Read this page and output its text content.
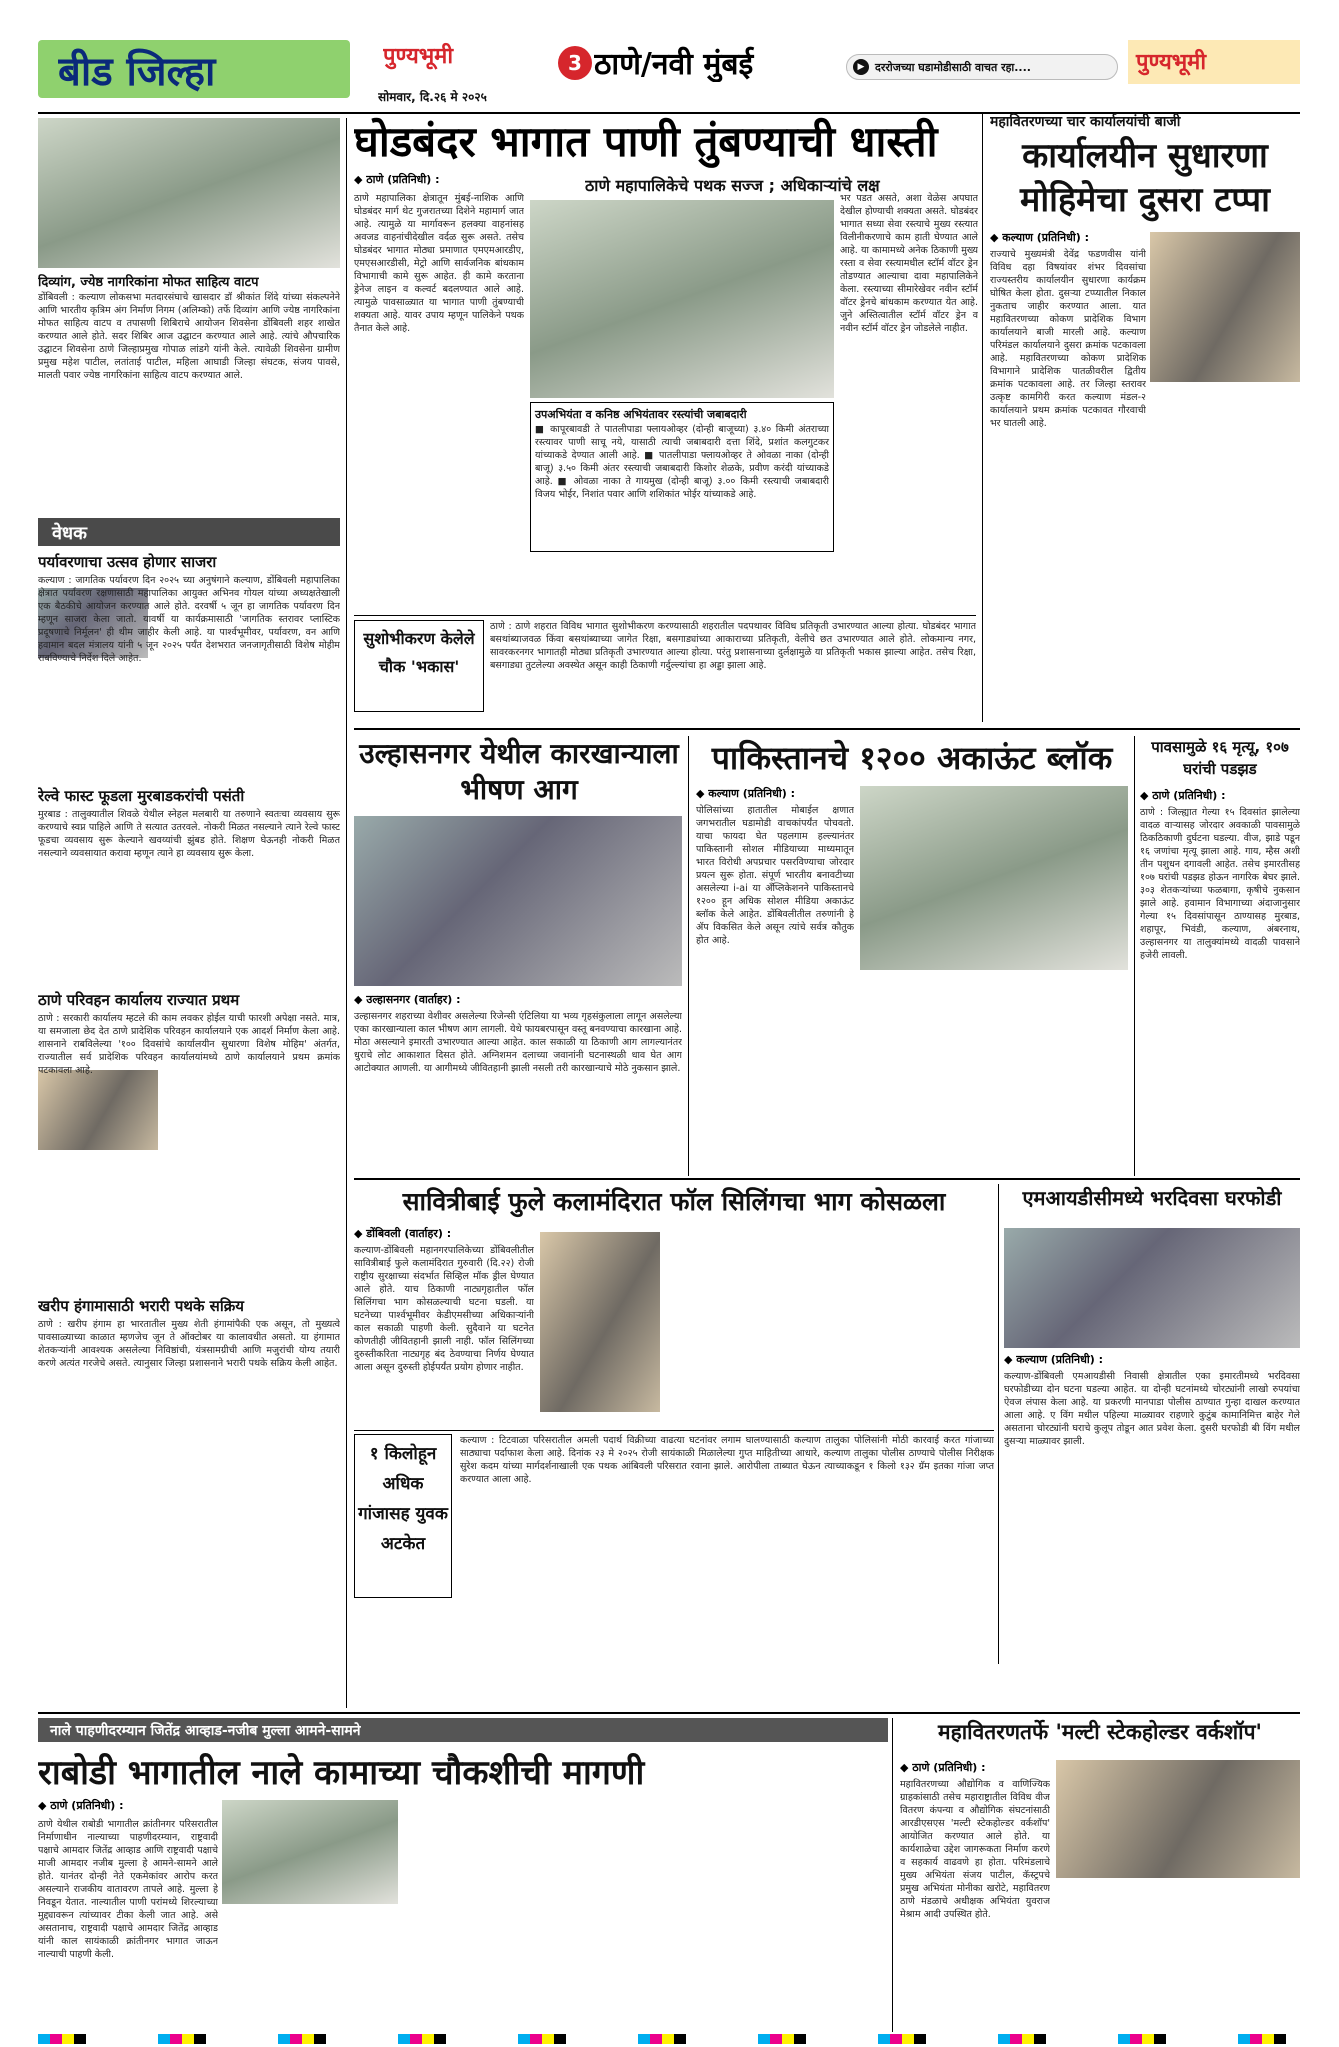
बीड जिल्हा	पुण्यभूमी
सोमवार, दि.२६ मे २०२५
3 ठाणे/नवी मुंबई	▶ दररोजच्या घडामोडीसाठी वाचत रहा....	पुण्यभूमी
दिव्यांग, ज्येष्ठ नागरिकांना मोफत साहित्य वाटप
डोंबिवली : कल्याण लोकसभा मतदारसंघाचे खासदार डॉ श्रीकांत शिंदे यांच्या संकल्पनेने आणि भारतीय कृत्रिम अंग निर्माण निगम (अलिम्को) तर्फे दिव्यांग आणि ज्येष्ठ नागरिकांना मोफत साहित्य वाटप व तपासणी शिबिराचे आयोजन शिवसेना डोंबिवली शहर शाखेत करण्यात आले होते. सदर शिबिर आज उद्घाटन करण्यात आले आहे. त्यांचे औपचारिक उद्घाटन शिवसेना ठाणे जिल्हाप्रमुख गोपाळ लांडगे यांनी केले. त्यावेळी शिवसेना ग्रामीण प्रमुख महेश पाटील, लतांताई पाटील, महिला आघाडी जिल्हा संघटक, संजय पावसे, मालती पवार ज्येष्ठ नागरिकांना साहित्य वाटप करण्यात आले.
वेधक
पर्यावरणाचा उत्सव होणार साजरा
कल्याण : जागतिक पर्यावरण दिन २०२५ च्या अनुषंगाने कल्याण, डोंबिवली महापालिका क्षेत्रात पर्यावरण रक्षणासाठी महापालिका आयुक्त अभिनव गोयल यांच्या अध्यक्षतेखाली एक बैठकीचे आयोजन करण्यात आले होते. दरवर्षी ५ जून हा जागतिक पर्यावरण दिन म्हणून साजरा केला जातो. यावर्षी या कार्यक्रमासाठी 'जागतिक स्तरावर प्लास्टिक प्रदूषणाचे निर्मूलन' ही थीम जाहीर केली आहे. या पार्श्वभूमीवर, पर्यावरण, वन आणि हवामान बदल मंत्रालय यांनी ५ जून २०२५ पर्यंत देशभरात जनजागृतीसाठी विशेष मोहीम राबविण्याचे निर्देश दिले आहेत.
रेल्वे फास्ट फूडला मुरबाडकरांची पसंती
मुरबाड : तालुक्यातील शिवळे येथील स्नेहल मलबारी या तरुणाने स्वतःचा व्यवसाय सुरू करण्याचे स्वप्न पाहिले आणि ते सत्यात उतरवले. नोकरी मिळत नसल्याने त्याने रेल्वे फास्ट फूडचा व्यवसाय सुरू केल्याने खवय्यांची झुंबड होते. शिक्षण घेऊनही नोकरी मिळत नसल्याने व्यवसायात करावा म्हणून त्याने हा व्यवसाय सुरू केला.
ठाणे परिवहन कार्यालय राज्यात प्रथम
ठाणे : सरकारी कार्यालय म्हटले की काम लवकर होईल याची फारशी अपेक्षा नसते. मात्र, या समजाला छेद देत ठाणे प्रादेशिक परिवहन कार्यालयाने एक आदर्श निर्माण केला आहे. शासनाने राबविलेल्या '१०० दिवसांचे कार्यालयीन सुधारणा विशेष मोहिम' अंतर्गत, राज्यातील सर्व प्रादेशिक परिवहन कार्यालयांमध्ये ठाणे कार्यालयाने प्रथम क्रमांक पटकावला आहे.
खरीप हंगामासाठी भरारी पथके सक्रिय
ठाणे : खरीप हंगाम हा भारतातील मुख्य शेती हंगामांपैकी एक असून, तो मुख्यत्वे पावसाळ्याच्या काळात म्हणजेच जून ते ऑक्टोबर या कालावधीत असतो. या हंगामात शेतकऱ्यांनी आवश्यक असलेल्या निविष्ठांची, यंत्रसामग्रीची आणि मजुरांची योग्य तयारी करणे अत्यंत गरजेचे असते. त्यानुसार जिल्हा प्रशासनाने भरारी पथके सक्रिय केली आहेत.
घोडबंदर भागात पाणी तुंबण्याची धास्ती
◆ ठाणे (प्रतिनिधी) :	ठाणे महापालिकेचे पथक सज्ज ; अधिकाऱ्यांचे लक्ष
ठाणे महापालिका क्षेत्रातून मुंबई-नाशिक आणि घोडबंदर मार्ग थेट गुजरातच्या दिशेने महामार्ग जात आहे. त्यामुळे या मार्गावरून हलक्या वाहनांसह अवजड वाहनांचीदेखील वर्दळ सुरू असते. तसेच घोडबंदर भागात मोठ्या प्रमाणात एमएमआरडीए, एमएसआरडीसी, मेट्रो आणि सार्वजनिक बांधकाम विभागाची कामे सुरू आहेत. ही कामे करताना ड्रेनेज लाइन व कल्वर्ट बदलण्यात आले आहे. त्यामुळे पावसाळ्यात या भागात पाणी तुंबण्याची शक्यता आहे. यावर उपाय म्हणून पालिकेने पथक तैनात केले आहे.
उपअभियंता व कनिष्ठ अभियंतावर रस्त्यांची जबाबदारी
■ कापूरबावडी ते पातलीपाडा फ्लायओव्हर (दोन्ही बाजूच्या) ३.४० किमी अंतराच्या रस्त्यावर पाणी साचू नये, यासाठी त्याची जबाबदारी दत्ता शिंदे, प्रशांत कलगुटकर यांच्याकडे देण्यात आली आहे. ■ पातलीपाडा फ्लायओव्हर ते ओवळा नाका (दोन्ही बाजू) ३.५० किमी अंतर रस्त्याची जबाबदारी किशोर शेळके, प्रवीण करंदी यांच्याकडे आहे. ■ ओवळा नाका ते गायमुख (दोन्ही बाजू) ३.०० किमी रस्त्याची जबाबदारी विजय भोईर, निशांत पवार आणि शशिकांत भोईर यांच्याकडे आहे.
भर पडत असते, अशा वेळेस अपघात देखील होण्याची शक्यता असते. घोडबंदर भागात सध्या सेवा रस्त्याचे मुख्य रस्त्यात विलीनीकरणाचे काम हाती घेण्यात आले आहे. या कामामध्ये अनेक ठिकाणी मुख्य रस्ता व सेवा रस्त्यामधील स्टॉर्म वॉटर ड्रेन तोडण्यात आल्याचा दावा महापालिकेने केला. रस्त्याच्या सीमारेखेवर नवीन स्टॉर्म वॉटर ड्रेनचे बांधकाम करण्यात येत आहे. जुने अस्तित्वातील स्टॉर्म वॉटर ड्रेन व नवीन स्टॉर्म वॉटर ड्रेन जोडलेले नाहीत.
महावितरणच्या चार कार्यालयांची बाजी
कार्यालयीन सुधारणा मोहिमेचा दुसरा टप्पा
◆ कल्याण (प्रतिनिधी) :
राज्याचे मुख्यमंत्री देवेंद्र फडणवीस यांनी विविध दहा विषयांवर शंभर दिवसांचा राज्यस्तरीय कार्यालयीन सुधारणा कार्यक्रम घोषित केला होता. दुसऱ्या टप्प्यातील निकाल नुकताच जाहीर करण्यात आला. यात महावितरणच्या कोकण प्रादेशिक विभाग कार्यालयाने बाजी मारली आहे. कल्याण परिमंडल कार्यालयाने दुसरा क्रमांक पटकावला आहे. महावितरणच्या कोकण प्रादेशिक विभागाने प्रादेशिक पातळीवरील द्वितीय क्रमांक पटकावला आहे. तर जिल्हा स्तरावर उत्कृष्ट कामगिरी करत कल्याण मंडल-२ कार्यालयाने प्रथम क्रमांक पटकावत गौरवाची भर घातली आहे.
सुशोभीकरण केलेले चौक 'भकास'
ठाणे : ठाणे शहरात विविध भागात सुशोभीकरण करण्यासाठी शहरातील पदपथावर विविध प्रतिकृती उभारण्यात आल्या होत्या. घोडबंदर भागात बसथांब्याजवळ किंवा बसथांब्याच्या जागेत रिक्षा, बसगाड्यांच्या आकाराच्या प्रतिकृती, वेलीचे छत उभारण्यात आले होते. लोकमान्य नगर, सावरकरनगर भागातही मोठ्या प्रतिकृती उभारण्यात आल्या होत्या. परंतु प्रशासनाच्या दुर्लक्षामुळे या प्रतिकृती भकास झाल्या आहेत. तसेच रिक्षा, बसगाड्या तुटलेल्या अवस्थेत असून काही ठिकाणी गर्दुल्ल्यांचा हा अड्डा झाला आहे.
उल्हासनगर येथील कारखान्याला भीषण आग
◆ उल्हासनगर (वार्ताहर) :
उल्हासनगर शहराच्या वेशीवर असलेल्या रिजेन्सी एंटिलिया या भव्य गृहसंकुलाला लागून असलेल्या एका कारखान्याला काल भीषण आग लागली. येथे फायबरपासून वस्तू बनवण्याचा कारखाना आहे. मोठा असल्याने इमारती उभारण्यात आल्या आहेत. काल सकाळी या ठिकाणी आग लागल्यानंतर धुराचे लोट आकाशात दिसत होते. अग्निशमन दलाच्या जवानांनी घटनास्थळी धाव घेत आग आटोक्यात आणली. या आगीमध्ये जीवितहानी झाली नसली तरी कारखान्याचे मोठे नुकसान झाले.
पाकिस्तानचे १२०० अकाऊंट ब्लॉक
◆ कल्याण (प्रतिनिधी) :
पोलिसांच्या हातातील मोबाईल क्षणात जगभरातील घडामोडी वाचकांपर्यंत पोचवतो. याचा फायदा घेत पहलगाम हल्ल्यानंतर पाकिस्तानी सोशल मीडियाच्या माध्यमातून भारत विरोधी अपप्रचार पसरविण्याचा जोरदार प्रयत्न सुरू होता. संपूर्ण भारतीय बनावटीच्या असलेल्या i-ai या अँप्लिकेशनने पाकिस्तानचे १२०० हून अधिक सोशल मीडिया अकाऊंट ब्लॉक केले आहेत. डोंबिवलीतील तरुणांनी हे ॲप विकसित केले असून त्यांचे सर्वत्र कौतुक होत आहे.
पावसामुळे १६ मृत्यू, १०७ घरांची पडझड
◆ ठाणे (प्रतिनिधी) :
ठाणे : जिल्ह्यात गेल्या १५ दिवसांत झालेल्या वादळ वाऱ्यासह जोरदार अवकाळी पावसामुळे ठिकठिकाणी दुर्घटना घडल्या. वीज, झाडे पडून १६ जणांचा मृत्यू झाला आहे. गाय, म्हैस अशी तीन पशुधन दगावली आहेत. तसेच इमारतीसह १०७ घरांची पडझड होऊन नागरिक बेघर झाले. ३०३ शेतकऱ्यांच्या फळबागा, कृषीचे नुकसान झाले आहे. हवामान विभागाच्या अंदाजानुसार गेल्या १५ दिवसांपासून ठाण्यासह मुरबाड, शहापूर, भिवंडी, कल्याण, अंबरनाथ, उल्हासनगर या तालुक्यांमध्ये वादळी पावसाने हजेरी लावली.
सावित्रीबाई फुले कलामंदिरात फॉल सिलिंगचा भाग कोसळला
◆ डोंबिवली (वार्ताहर) :
कल्याण-डोंबिवली महानगरपालिकेच्या डोंबिवलीतील सावित्रीबाई फुले कलामंदिरात गुरुवारी (दि.२२) रोजी राष्ट्रीय सुरक्षाच्या संदर्भात सिव्हिल मॉक ड्रील घेण्यात आले होते. याच ठिकाणी नाट्यगृहातील फॉल सिलिंगचा भाग कोसळल्याची घटना घडली. या घटनेच्या पार्श्वभूमीवर केडीएमसीच्या अधिकाऱ्यांनी काल सकाळी पाहणी केली. सुदैवाने या घटनेत कोणतीही जीवितहानी झाली नाही. फॉल सिलिंगच्या दुरुस्तीकरिता नाट्यगृह बंद ठेवण्याचा निर्णय घेण्यात आला असून दुरुस्ती होईपर्यंत प्रयोग होणार नाहीत.
एमआयडीसीमध्ये भरदिवसा घरफोडी
◆ कल्याण (प्रतिनिधी) :
कल्याण-डोंबिवली एमआयडीसी निवासी क्षेत्रातील एका इमारतीमध्ये भरदिवसा घरफोडीच्या दोन घटना घडल्या आहेत. या दोन्ही घटनांमध्ये चोरट्यांनी लाखो रुपयांचा ऐवज लंपास केला आहे. या प्रकरणी मानपाडा पोलीस ठाण्यात गुन्हा दाखल करण्यात आला आहे. ए विंग मधील पहिल्या माळ्यावर राहणारे कुटुंब कामानिमित्त बाहेर गेले असताना चोरट्यांनी घराचे कुलूप तोडून आत प्रवेश केला. दुसरी घरफोडी बी विंग मधील दुसऱ्या माळ्यावर झाली.
१ किलोहून अधिक गांजासह युवक अटकेत
कल्याण : टिटवाळा परिसरातील अमली पदार्थ विक्रीच्या वाढत्या घटनांवर लगाम घालण्यासाठी कल्याण तालुका पोलिसांनी मोठी कारवाई करत गांजाच्या साठ्याचा पर्दाफाश केला आहे. दिनांक २३ मे २०२५ रोजी सायंकाळी मिळालेल्या गुप्त माहितीच्या आधारे, कल्याण तालुका पोलीस ठाण्याचे पोलीस निरीक्षक सुरेश कदम यांच्या मार्गदर्शनाखाली एक पथक आंबिवली परिसरात रवाना झाले. आरोपीला ताब्यात घेऊन त्याच्याकडून १ किलो १३२ ग्रॅम इतका गांजा जप्त करण्यात आला आहे.
नाले पाहणीदरम्यान जितेंद्र आव्हाड-नजीब मुल्ला आमने-सामने
राबोडी भागातील नाले कामाच्या चौकशीची मागणी
◆ ठाणे (प्रतिनिधी) :
ठाणे येथील राबोडी भागातील क्रांतीनगर परिसरातील निर्माणाधीन नाल्याच्या पाहणीदरम्यान, राष्ट्रवादी पक्षाचे आमदार जितेंद्र आव्हाड आणि राष्ट्रवादी पक्षाचे माजी आमदार नजीब मुल्ला हे आमने-सामने आले होते. यानंतर दोन्ही नेते एकमेकांवर आरोप करत असल्याने राजकीय वातावरण तापले आहे. मुल्ला हे निवडून येतात. नाल्यातील पाणी परांमध्ये शिरल्याच्या मुद्द्यावरून त्यांच्यावर टीका केली जात आहे. असे असतानाच, राष्ट्रवादी पक्षाचे आमदार जितेंद्र आव्हाड यांनी काल सायंकाळी क्रांतीनगर भागात जाऊन नाल्याची पाहणी केली.
महावितरणतर्फे 'मल्टी स्टेकहोल्डर वर्कशॉप'
◆ ठाणे (प्रतिनिधी) :
महावितरणच्या औद्योगिक व वाणिज्यिक ग्राहकांसाठी तसेच महाराष्ट्रातील विविध वीज वितरण कंपन्या व औद्योगिक संघटनांसाठी आरडीएसएस 'मल्टी स्टेकहोल्डर वर्कशॉप' आयोजित करण्यात आले होते. या कार्यशाळेचा उद्देश जागरूकता निर्माण करणे व सहकार्य वाढवणे हा होता. परिमंडलाचे मुख्य अभियंता संजय पाटील, कॅस्ट्रपचे प्रमुख अभियंता मोनीका खरोटे, महावितरण ठाणे मंडळाचे अधीक्षक अभियंता युवराज मेश्राम आदी उपस्थित होते.
